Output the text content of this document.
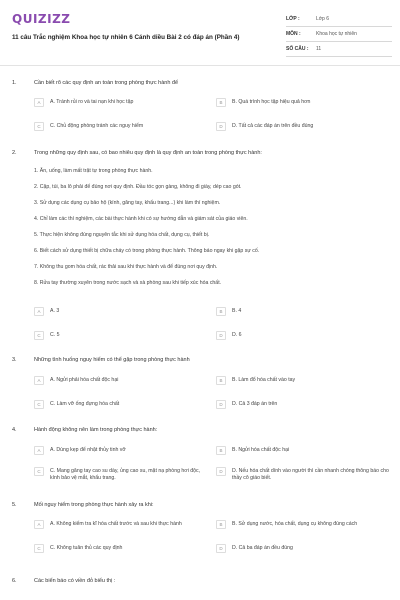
QUIZIZZ
11 câu Trắc nghiệm Khoa học tự nhiên 6 Cánh diều Bài 2 có đáp án (Phần 4)
LỚP :	Lớp 6
MÔN :	Khoa học tự nhiên
SỐ CÂU :	11
1.	Cần biết rõ các quy định an toàn trong phòng thực hành để
A	A. Tránh rủi ro và tai nạn khi học tập	B	B. Quá trình học tập hiệu quả hơn
C	C. Chủ động phòng tránh các nguy hiểm	D	D. Tất cả các đáp án trên đều đúng
2.	Trong những quy định sau, có bao nhiêu quy định là quy định an toàn trong phòng thực hành:
1. Ăn, uống, làm mất trật tự trong phòng thực hành.
2. Cặp, túi, ba lô phải để đúng nơi quy định. Đầu tóc gọn gàng, không đi giày, dép cao gót.
3. Sử dụng các dụng cụ bảo hộ (kính, găng tay, khẩu trang...) khi làm thí nghiệm.
4. Chỉ làm các thí nghiệm, các bài thực hành khi có sự hướng dẫn và giám sát của giáo viên.
5. Thực hiện không đúng nguyên tắc khi sử dụng hóa chất, dụng cụ, thiết bị.
6. Biết cách sử dụng thiết bị chữa cháy có trong phòng thực hành. Thông báo ngay khi gặp sự cố.
7. Không thu gom hóa chất, rác thải sau khi thực hành và để đúng nơi quy định.
8. Rửa tay thường xuyên trong nước sạch và xà phòng sau khi tiếp xúc hóa chất.
A	A. 3	B	B. 4
C	C. 5	D	D. 6
3.	Những tình huống nguy hiểm có thể gặp trong phòng thực hành
A	A. Ngửi phải hóa chất độc hại	B	B. Làm đổ hóa chất vào tay
C	C. Làm vỡ ống đựng hóa chất	D	D. Cả 3 đáp án trên
4.	Hành động không nên làm trong phòng thực hành:
A	A. Dùng kẹp để nhặt thủy tinh vỡ	B	B. Ngửi hóa chất độc hại
C	C. Mang găng tay cao su dày, ủng cao su, mặt nạ phòng hơi độc, kính bảo vệ mắt, khẩu trang.
D	D. Nếu hóa chất dính vào người thì cần nhanh chóng thông báo cho thầy cô giáo biết.
5.	Mối nguy hiểm trong phòng thực hành xảy ra khi:
A	A. Không kiểm tra kĩ hóa chất trước và sau khi thực hành	B	B. Sử dụng nước, hóa chất, dụng cụ không đúng cách
C	C. Không tuân thủ các quy định	D	D. Cả ba đáp án đều đúng
6.	Các biển báo có viền đỏ biểu thị :
